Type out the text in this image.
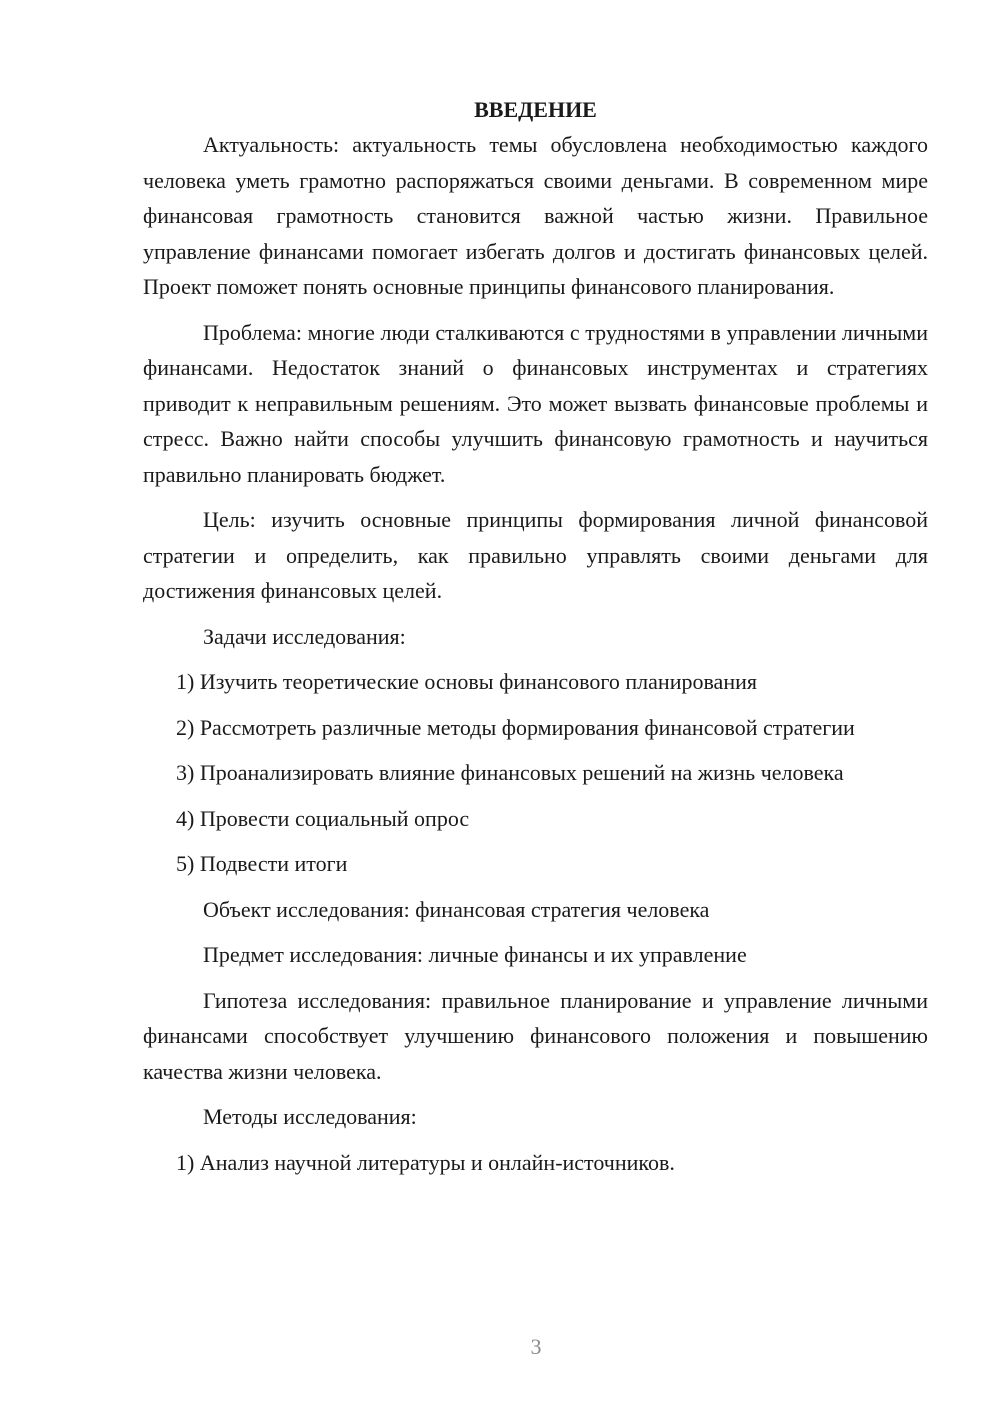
ВВЕДЕНИЕ

Актуальность: актуальность темы обусловлена необходимостью каждого человека уметь грамотно распоряжаться своими деньгами. В современном мире финансовая грамотность становится важной частью жизни. Правильное управление финансами помогает избегать долгов и достигать финансовых целей. Проект поможет понять основные принципы финансового планирования.

Проблема: многие люди сталкиваются с трудностями в управлении личными финансами. Недостаток знаний о финансовых инструментах и стратегиях приводит к неправильным решениям. Это может вызвать финансовые проблемы и стресс. Важно найти способы улучшить финансовую грамотность и научиться правильно планировать бюджет.

Цель: изучить основные принципы формирования личной финансовой стратегии и определить, как правильно управлять своими деньгами для достижения финансовых целей.

Задачи исследования:

1) Изучить теоретические основы финансового планирования

2) Рассмотреть различные методы формирования финансовой стратегии

3) Проанализировать влияние финансовых решений на жизнь человека

4) Провести социальный опрос

5) Подвести итоги

Объект исследования: финансовая стратегия человека

Предмет исследования: личные финансы и их управление

Гипотеза исследования: правильное планирование и управление личными финансами способствует улучшению финансового положения и повышению качества жизни человека.

Методы исследования:

1) Анализ научной литературы и онлайн-источников.

3
